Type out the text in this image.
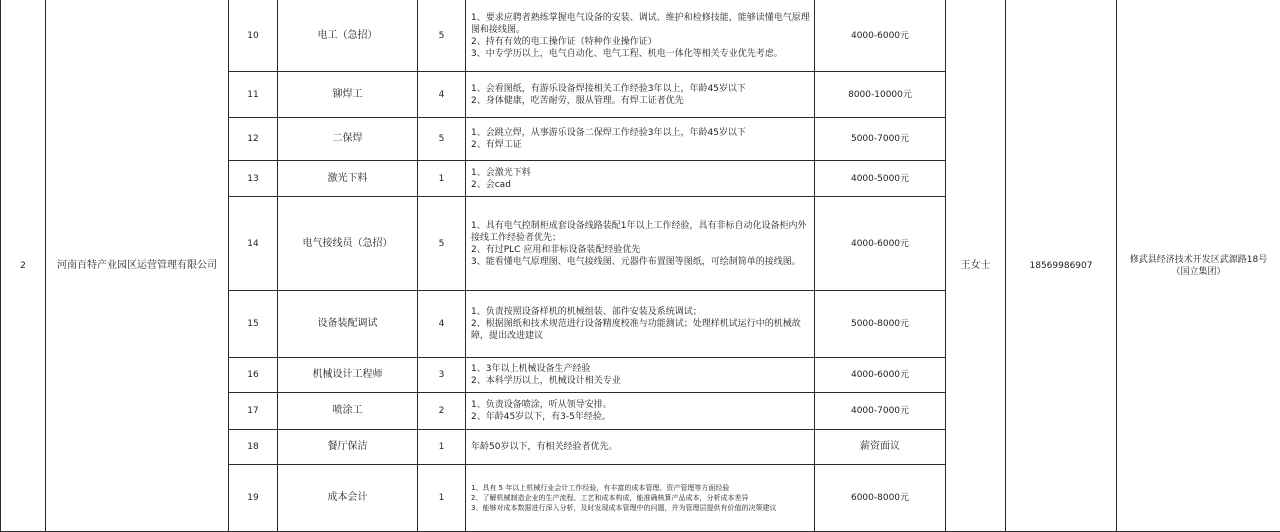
2	河南百特产业园区运营管理有限公司	10	电工（急招）	5	1、要求应聘者熟练掌握电气设备的安装、调试、维护和检修技能，能够读懂电气原理图和接线图。
2、持有有效的电工操作证（特种作业操作证）
3、中专学历以上，电气自动化、电气工程、机电一体化等相关专业优先考虑。	4000-6000元	王女士	18569986907	修武县经济技术开发区武源路18号（国立集团）
		11	铆焊工	4	1、会看图纸，有游乐设备焊接相关工作经验3年以上，年龄45岁以下
2、身体健康，吃苦耐劳，服从管理。有焊工证者优先	8000-10000元			
		12	二保焊	5	1、会跳立焊，从事游乐设备二保焊工作经验3年以上，年龄45岁以下
2、有焊工证	5000-7000元			
		13	激光下料	1	1、会激光下料
2、会cad	4000-5000元			
		14	电气接线员（急招）	5	1、具有电气控制柜成套设备线路装配1年以上工作经验，具有非标自动化设备柜内外接线工作经验者优先；
2、有过PLC 应用和非标设备装配经验优先
3、能看懂电气原理图、电气接线图、元器件布置图等图纸，可绘制简单的接线图。	4000-6000元			
		15	设备装配调试	4	1、负责按照设备样机的机械组装、部件安装及系统调试；
2、根据图纸和技术规范进行设备精度校准与功能测试；处理样机试运行中的机械故障，提出改进建议	5000-8000元			
		16	机械设计工程师	3	1、3年以上机械设备生产经验
2、本科学历以上，机械设计相关专业	4000-6000元			
		17	喷涂工	2	1、负责设备喷涂，听从领导安排。
2、年龄45岁以下，有3-5年经验。	4000-7000元			
		18	餐厅保洁	1	年龄50岁以下，有相关经验者优先。	薪资面议			
		19	成本会计	1	1、具有 5 年以上机械行业会计工作经验，有丰富的成本管理、资产管理等方面经验
2、了解机械制造企业的生产流程、工艺和成本构成，能准确核算产品成本，分析成本差异
3、能够对成本数据进行深入分析，及时发现成本管理中的问题，并为管理层提供有价值的决策建议	6000-8000元			
